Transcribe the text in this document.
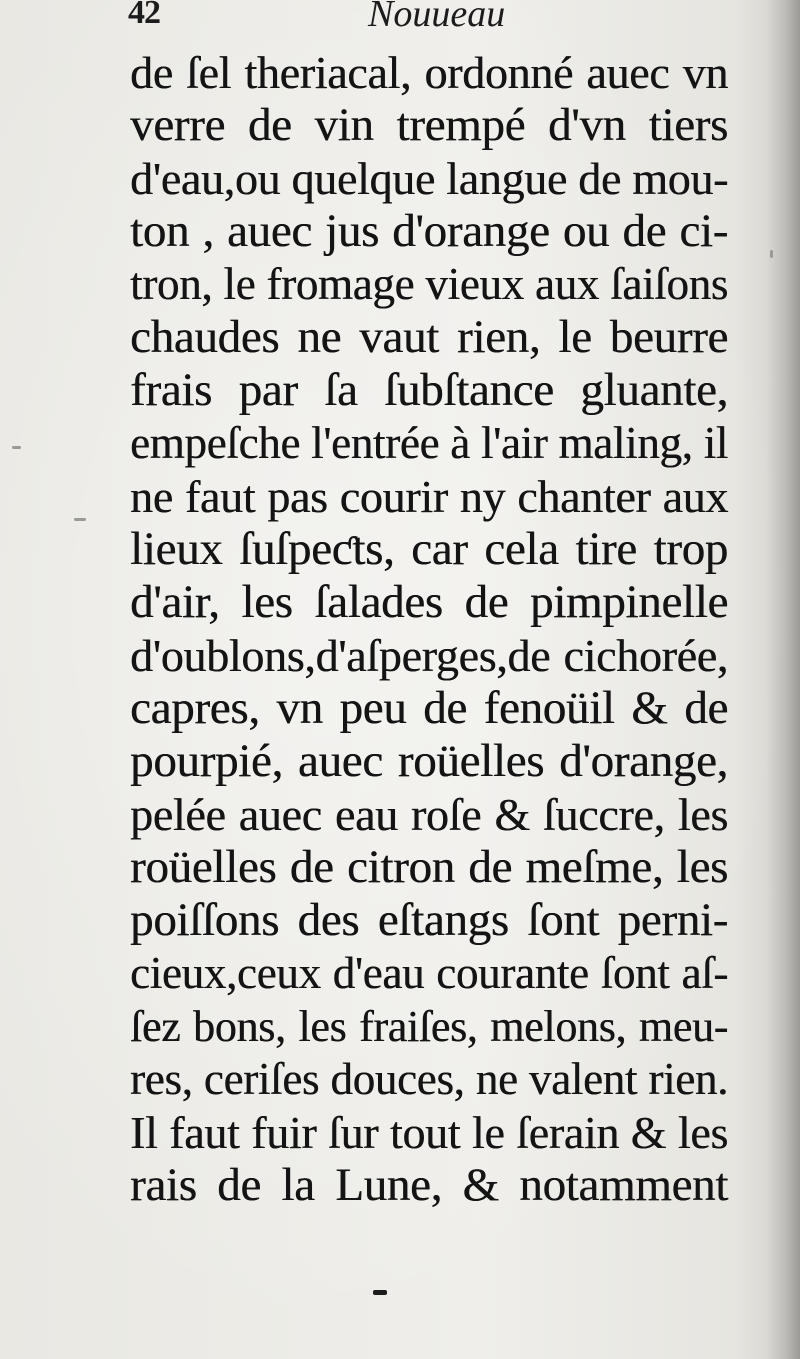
42	Nouueau
de ſel theriacal, ordonné auec vn
verre de vin trempé d'vn tiers
d'eau,ou quelque langue de mou-
ton , auec jus d'orange ou de ci-
tron, le fromage vieux aux ſaiſons
chaudes ne vaut rien, le beurre
frais par ſa ſubſtance gluante,
empeſche l'entrée à l'air maling, il
ne faut pas courir ny chanter aux
lieux ſuſpeƈts, car cela tire trop
d'air, les ſalades de pimpinelle
d'oublons,d'aſperges,de cichorée,
capres, vn peu de fenoüil & de
pourpié, auec roüelles d'orange,
pelée auec eau roſe & ſuccre, les
roüelles de citron de meſme, les
poiſſons des eſtangs ſont perni-
cieux,ceux d'eau courante ſont aſ-
ſez bons, les fraiſes, melons, meu-
res, ceriſes douces, ne valent rien.
Il faut fuir ſur tout le ſerain & les
rais de la Lune, & notamment
